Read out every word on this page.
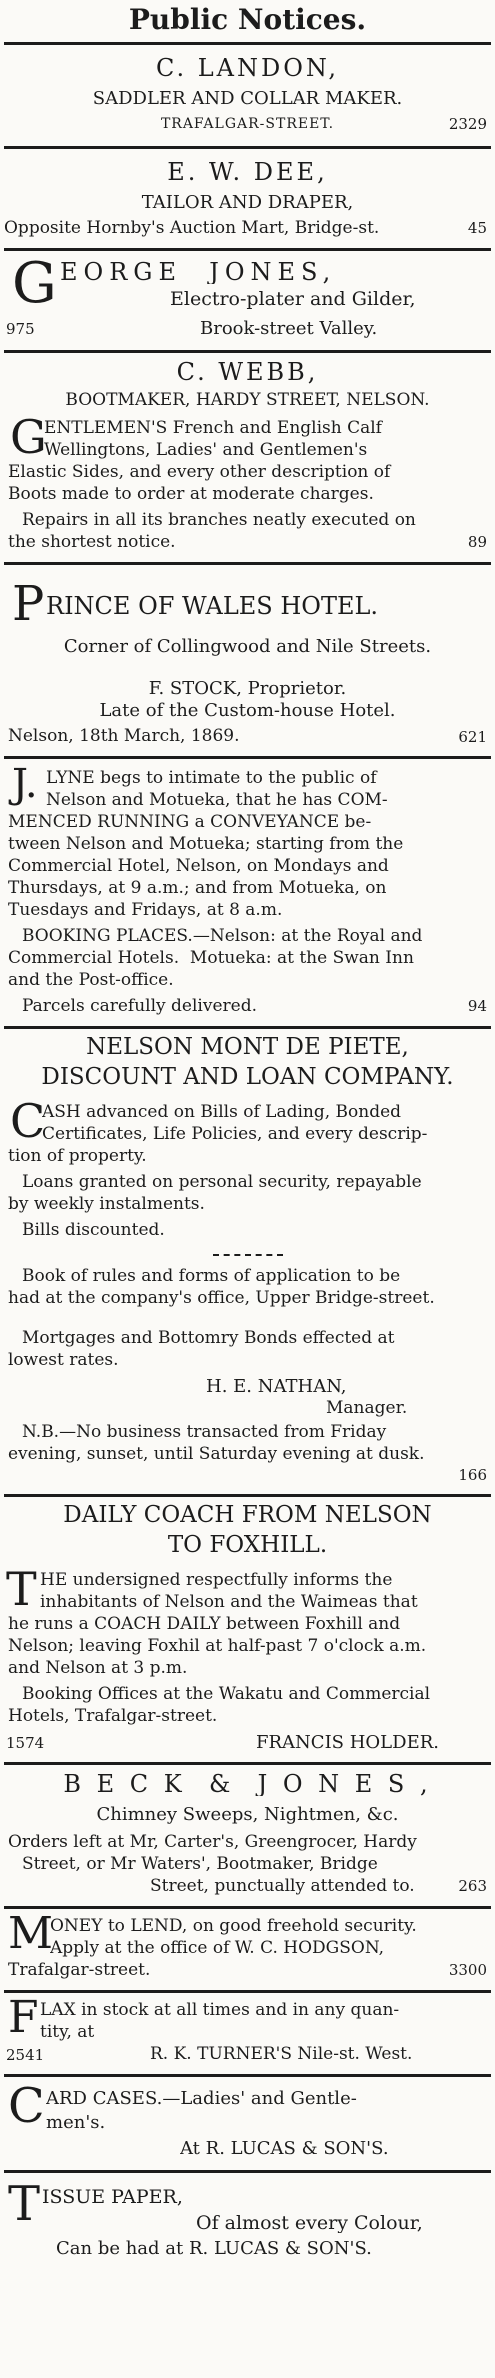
Public Notices.
C. LANDON,
SADDLER AND COLLAR MAKER.
TRAFALGAR-STREET.	2329
E. W. DEE,
TAILOR AND DRAPER,
Opposite Hornby's Auction Mart, Bridge-st.	45
G EORGE  JONES,
Electro-plater and Gilder,
975	Brook-street Valley.
C. WEBB,
BOOTMAKER, HARDY STREET, NELSON.
G
ENTLEMEN'S French and English Calf
Wellingtons, Ladies' and Gentlemen's
Elastic Sides, and every other description of
Boots made to order at moderate charges.
Repairs in all its branches neatly executed on
the shortest notice.	89
P RINCE OF WALES HOTEL.
Corner of Collingwood and Nile Streets.
F. STOCK, Proprietor.
Late of the Custom-house Hotel.
Nelson, 18th March, 1869.	621
J. LYNE begs to intimate to the public of
Nelson and Motueka, that he has COM-
MENCED RUNNING a CONVEYANCE be-
tween Nelson and Motueka; starting from the
Commercial Hotel, Nelson, on Mondays and
Thursdays, at 9 a.m.; and from Motueka, on
Tuesdays and Fridays, at 8 a.m.
BOOKING PLACES.—Nelson: at the Royal and
Commercial Hotels.  Motueka: at the Swan Inn
and the Post-office.
Parcels carefully delivered.	94
NELSON MONT DE PIETE,
DISCOUNT AND LOAN COMPANY.
C
ASH advanced on Bills of Lading, Bonded
Certificates, Life Policies, and every descrip-
tion of property.
Loans granted on personal security, repayable
by weekly instalments.
Bills discounted.
Book of rules and forms of application to be
had at the company's office, Upper Bridge-street.
Mortgages and Bottomry Bonds effected at
lowest rates.
H. E. NATHAN,
Manager.
N.B.—No business transacted from Friday
evening, sunset, until Saturday evening at dusk.
166
DAILY COACH FROM NELSON
TO FOXHILL.
T HE undersigned respectfully informs the
inhabitants of Nelson and the Waimeas that
he runs a COACH DAILY between Foxhill and
Nelson; leaving Foxhil at half-past 7 o'clock a.m.
and Nelson at 3 p.m.
Booking Offices at the Wakatu and Commercial
Hotels, Trafalgar-street.
1574	FRANCIS HOLDER.
B E C K  &  J O N E S ,
Chimney Sweeps, Nightmen, &c.
Orders left at Mr, Carter's, Greengrocer, Hardy
Street, or Mr Waters', Bootmaker, Bridge
Street, punctually attended to.	263
M
ONEY to LEND, on good freehold security.
Apply at the office of W. C. HODGSON,
Trafalgar-street.	3300
F LAX in stock at all times and in any quan-
tity, at
2541	R. K. TURNER'S Nile-st. West.
C ARD CASES.—Ladies' and Gentle-
men's.
At R. LUCAS & SON'S.
T ISSUE PAPER,
Of almost every Colour,
Can be had at R. LUCAS & SON'S.
